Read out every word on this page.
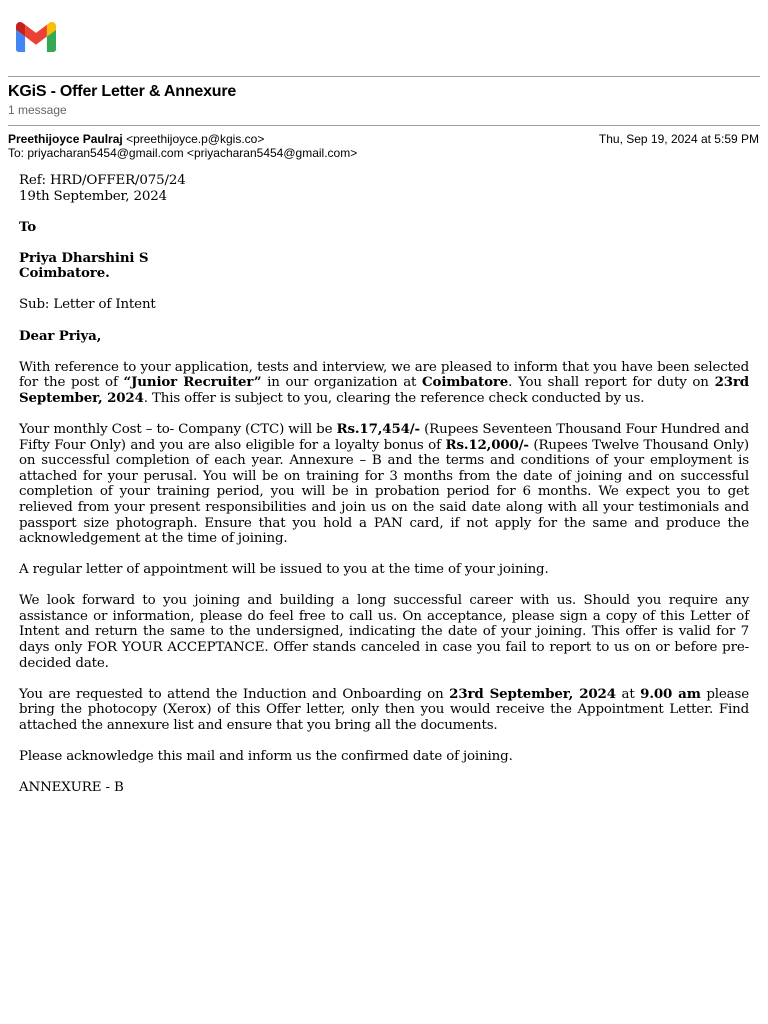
KGiS - Offer Letter & Annexure
1 message
Preethijoyce Paulraj <preethijoyce.p@kgis.co>	Thu, Sep 19, 2024 at 5:59 PM
To: priyacharan5454@gmail.com <priyacharan5454@gmail.com>

Ref: HRD/OFFER/075/24
19th September, 2024

To

Priya Dharshini S
Coimbatore.

Sub: Letter of Intent

Dear Priya,

With reference to your application, tests and interview, we are pleased to inform that you have been selected for the post of “Junior Recruiter” in our organization at Coimbatore. You shall report for duty on 23rd September, 2024. This offer is subject to you, clearing the reference check conducted by us.

Your monthly Cost – to- Company (CTC) will be Rs.17,454/- (Rupees Seventeen Thousand Four Hundred and Fifty Four Only) and you are also eligible for a loyalty bonus of Rs.12,000/- (Rupees Twelve Thousand Only) on successful completion of each year. Annexure – B and the terms and conditions of your employment is attached for your perusal. You will be on training for 3 months from the date of joining and on successful completion of your training period, you will be in probation period for 6 months. We expect you to get relieved from your present responsibilities and join us on the said date along with all your testimonials and passport size photograph. Ensure that you hold a PAN card, if not apply for the same and produce the acknowledgement at the time of joining.

A regular letter of appointment will be issued to you at the time of your joining.

We look forward to you joining and building a long successful career with us. Should you require any assistance or information, please do feel free to call us. On acceptance, please sign a copy of this Letter of Intent and return the same to the undersigned, indicating the date of your joining. This offer is valid for 7 days only FOR YOUR ACCEPTANCE. Offer stands canceled in case you fail to report to us on or before pre-decided date.

You are requested to attend the Induction and Onboarding on 23rd September, 2024 at 9.00 am please bring the photocopy (Xerox) of this Offer letter, only then you would receive the Appointment Letter. Find attached the annexure list and ensure that you bring all the documents.

Please acknowledge this mail and inform us the confirmed date of joining.

ANNEXURE - B
